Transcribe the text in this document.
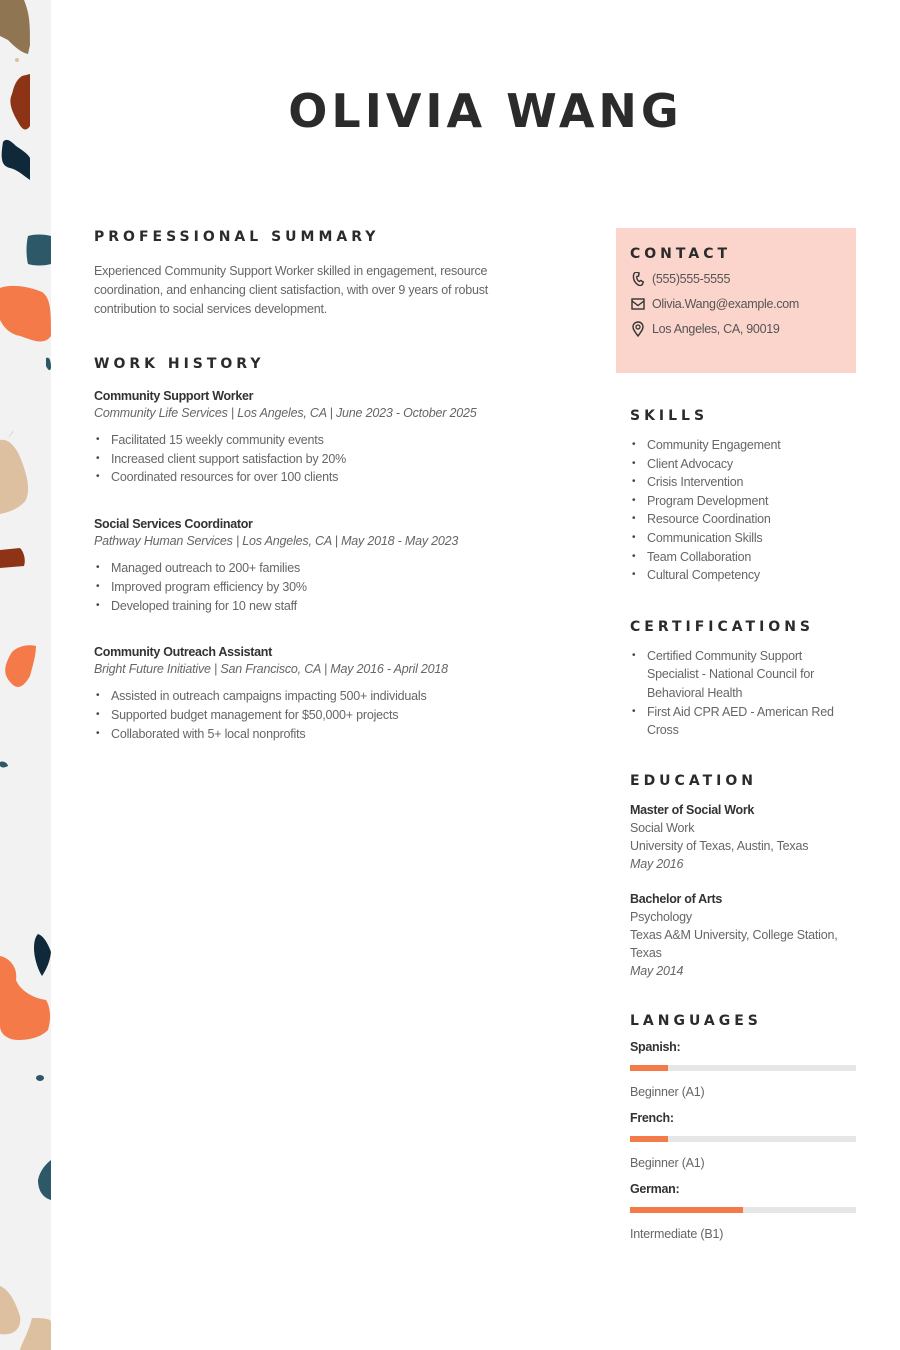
OLIVIA WANG
PROFESSIONAL SUMMARY
Experienced Community Support Worker skilled in engagement, resource coordination, and enhancing client satisfaction, with over 9 years of robust contribution to social services development.
WORK HISTORY
Community Support Worker
Community Life Services | Los Angeles, CA | June 2023 - October 2025
• Facilitated 15 weekly community events
• Increased client support satisfaction by 20%
• Coordinated resources for over 100 clients
Social Services Coordinator
Pathway Human Services | Los Angeles, CA | May 2018 - May 2023
• Managed outreach to 200+ families
• Improved program efficiency by 30%
• Developed training for 10 new staff
Community Outreach Assistant
Bright Future Initiative | San Francisco, CA | May 2016 - April 2018
• Assisted in outreach campaigns impacting 500+ individuals
• Supported budget management for $50,000+ projects
• Collaborated with 5+ local nonprofits
CONTACT
(555)555-5555
Olivia.Wang@example.com
Los Angeles, CA, 90019
SKILLS
• Community Engagement
• Client Advocacy
• Crisis Intervention
• Program Development
• Resource Coordination
• Communication Skills
• Team Collaboration
• Cultural Competency
CERTIFICATIONS
• Certified Community Support Specialist - National Council for Behavioral Health
• First Aid CPR AED - American Red Cross
EDUCATION
Master of Social Work
Social Work
University of Texas, Austin, Texas
May 2016
Bachelor of Arts
Psychology
Texas A&M University, College Station, Texas
May 2014
LANGUAGES
Spanish:
Beginner (A1)
French:
Beginner (A1)
German:
Intermediate (B1)
